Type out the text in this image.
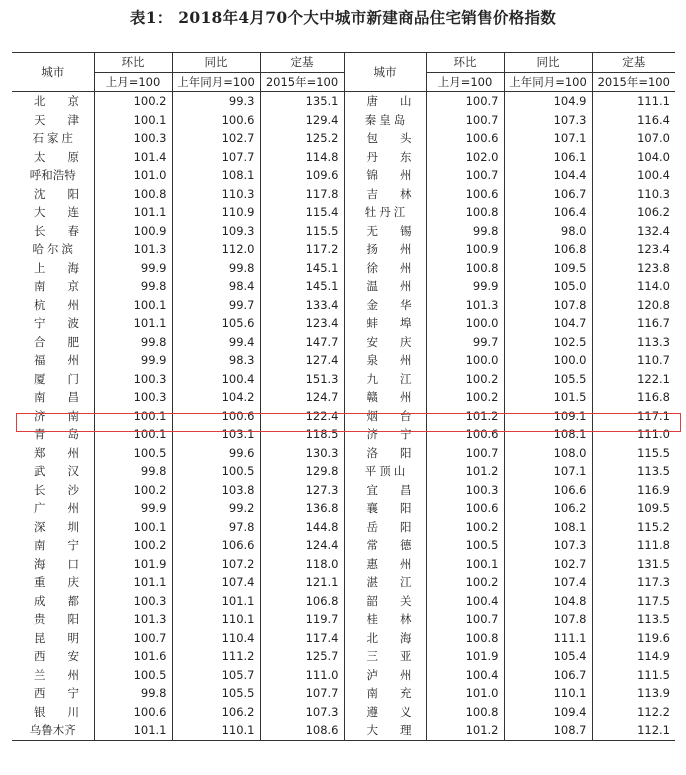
表1： 2018年4月70个大中城市新建商品住宅销售价格指数
城市	环比	同比	定基	城市	环比	同比	定基
	上月=100	上年同月=100	2015年=100		上月=100	上年同月=100	2015年=100
北京	100.2	99.3	135.1	唐山	100.7	104.9	111.1
天津	100.1	100.6	129.4	秦皇岛	100.7	107.3	116.4
石家庄	100.3	102.7	125.2	包头	100.6	107.1	107.0
太原	101.4	107.7	114.8	丹东	102.0	106.1	104.0
呼和浩特	101.0	108.1	109.6	锦州	100.7	104.4	100.4
沈阳	100.8	110.3	117.8	吉林	100.6	106.7	110.3
大连	101.1	110.9	115.4	牡丹江	100.8	106.4	106.2
长春	100.9	109.3	115.5	无锡	99.8	98.0	132.4
哈尔滨	101.3	112.0	117.2	扬州	100.9	106.8	123.4
上海	99.9	99.8	145.1	徐州	100.8	109.5	123.8
南京	99.8	98.4	145.1	温州	99.9	105.0	114.0
杭州	100.1	99.7	133.4	金华	101.3	107.8	120.8
宁波	101.1	105.6	123.4	蚌埠	100.0	104.7	116.7
合肥	99.8	99.4	147.7	安庆	99.7	102.5	113.3
福州	99.9	98.3	127.4	泉州	100.0	100.0	110.7
厦门	100.3	100.4	151.3	九江	100.2	105.5	122.1
南昌	100.3	104.2	124.7	赣州	100.2	101.5	116.8
济南	100.1	100.6	122.4	烟台	101.2	109.1	117.1
青岛	100.1	103.1	118.5	济宁	100.6	108.1	111.0
郑州	100.5	99.6	130.3	洛阳	100.7	108.0	115.5
武汉	99.8	100.5	129.8	平顶山	101.2	107.1	113.5
长沙	100.2	103.8	127.3	宜昌	100.3	106.6	116.9
广州	99.9	99.2	136.8	襄阳	100.6	106.2	109.5
深圳	100.1	97.8	144.8	岳阳	100.2	108.1	115.2
南宁	100.2	106.6	124.4	常德	100.5	107.3	111.8
海口	101.9	107.2	118.0	惠州	100.1	102.7	131.5
重庆	101.1	107.4	121.1	湛江	100.2	107.4	117.3
成都	100.3	101.1	106.8	韶关	100.4	104.8	117.5
贵阳	101.3	110.1	119.7	桂林	100.7	107.8	113.5
昆明	100.7	110.4	117.4	北海	100.8	111.1	119.6
西安	101.6	111.2	125.7	三亚	101.9	105.4	114.9
兰州	100.5	105.7	111.0	泸州	100.4	106.7	111.5
西宁	99.8	105.5	107.7	南充	101.0	110.1	113.9
银川	100.6	106.2	107.3	遵义	100.8	109.4	112.2
乌鲁木齐	101.1	110.1	108.6	大理	101.2	108.7	112.1
